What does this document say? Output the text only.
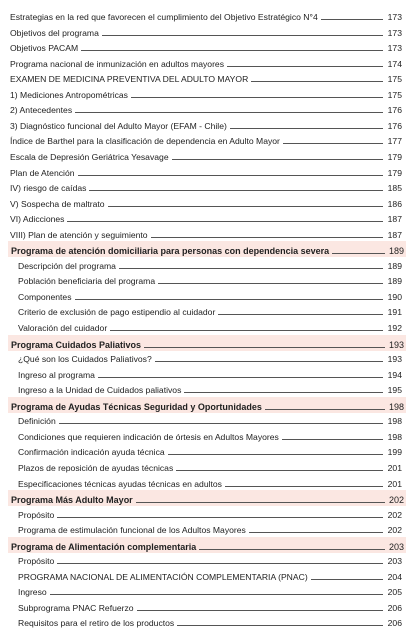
Estrategias en la red que favorecen el cumplimiento del Objetivo Estratégico N°4	173
Objetivos del programa	173
Objetivos PACAM	173
Programa nacional de inmunización en adultos mayores	174
EXAMEN DE MEDICINA PREVENTIVA DEL ADULTO MAYOR	175
1) Mediciones Antropométricas	175
2) Antecedentes	176
3) Diagnóstico funcional del Adulto Mayor (EFAM - Chile)	176
Índice de Barthel para la clasificación de dependencia en Adulto Mayor	177
Escala de Depresión Geriátrica Yesavage	179
Plan de Atención	179
IV) riesgo de caídas	185
V) Sospecha de maltrato	186
VI) Adicciones	187
VIII) Plan de atención y seguimiento	187
Programa de atención domiciliaria para personas con dependencia severa	189
Descripción del programa	189
Población beneficiaria del programa	189
Componentes	190
Criterio de exclusión de pago estipendio al cuidador	191
Valoración del cuidador	192
Programa Cuidados Paliativos	193
¿Qué son los Cuidados Paliativos?	193
Ingreso al programa	194
Ingreso a la Unidad de Cuidados paliativos	195
Programa de Ayudas Técnicas Seguridad y Oportunidades	198
Definición	198
Condiciones que requieren indicación de órtesis en Adultos Mayores	198
Confirmación indicación ayuda técnica	199
Plazos de reposición de ayudas técnicas	201
Especificaciones técnicas ayudas técnicas en adultos	201
Programa Más Adulto Mayor	202
Propósito	202
Programa de estimulación funcional de los Adultos Mayores	202
Programa de Alimentación complementaria	203
Propósito	203
PROGRAMA NACIONAL DE ALIMENTACIÓN COMPLEMENTARIA (PNAC)	204
Ingreso	205
Subprograma PNAC Refuerzo	206
Requisitos para el retiro de los productos	206
